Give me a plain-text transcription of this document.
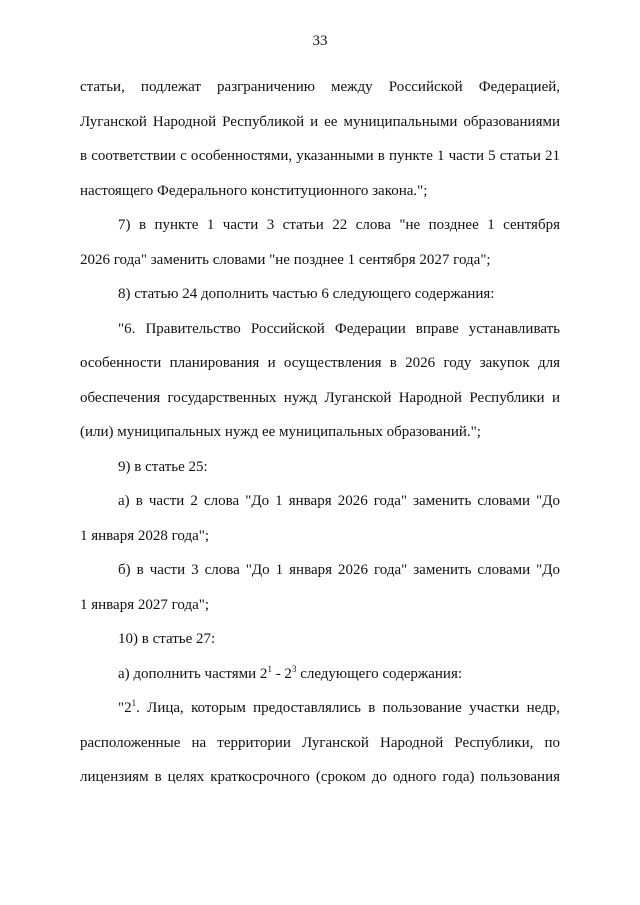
33
статьи, подлежат разграничению между Российской Федерацией,
Луганской Народной Республикой и ее муниципальными образованиями
в соответствии с особенностями, указанными в пункте 1 части 5 статьи 21
настоящего Федерального конституционного закона.";
7) в пункте 1 части 3 статьи 22 слова "не позднее 1 сентября
2026 года" заменить словами "не позднее 1 сентября 2027 года";
8) статью 24 дополнить частью 6 следующего содержания:
"6. Правительство Российской Федерации вправе устанавливать
особенности планирования и осуществления в 2026 году закупок для
обеспечения государственных нужд Луганской Народной Республики и
(или) муниципальных нужд ее муниципальных образований.";
9) в статье 25:
а) в части 2 слова "До 1 января 2026 года" заменить словами "До
1 января 2028 года";
б) в части 3 слова "До 1 января 2026 года" заменить словами "До
1 января 2027 года";
10) в статье 27:
а) дополнить частями $2^1 - 2^3$ следующего содержания:
"$2^1$. Лица, которым предоставлялись в пользование участки недр,
расположенные на территории Луганской Народной Республики, по
лицензиям в целях краткосрочного (сроком до одного года) пользования
